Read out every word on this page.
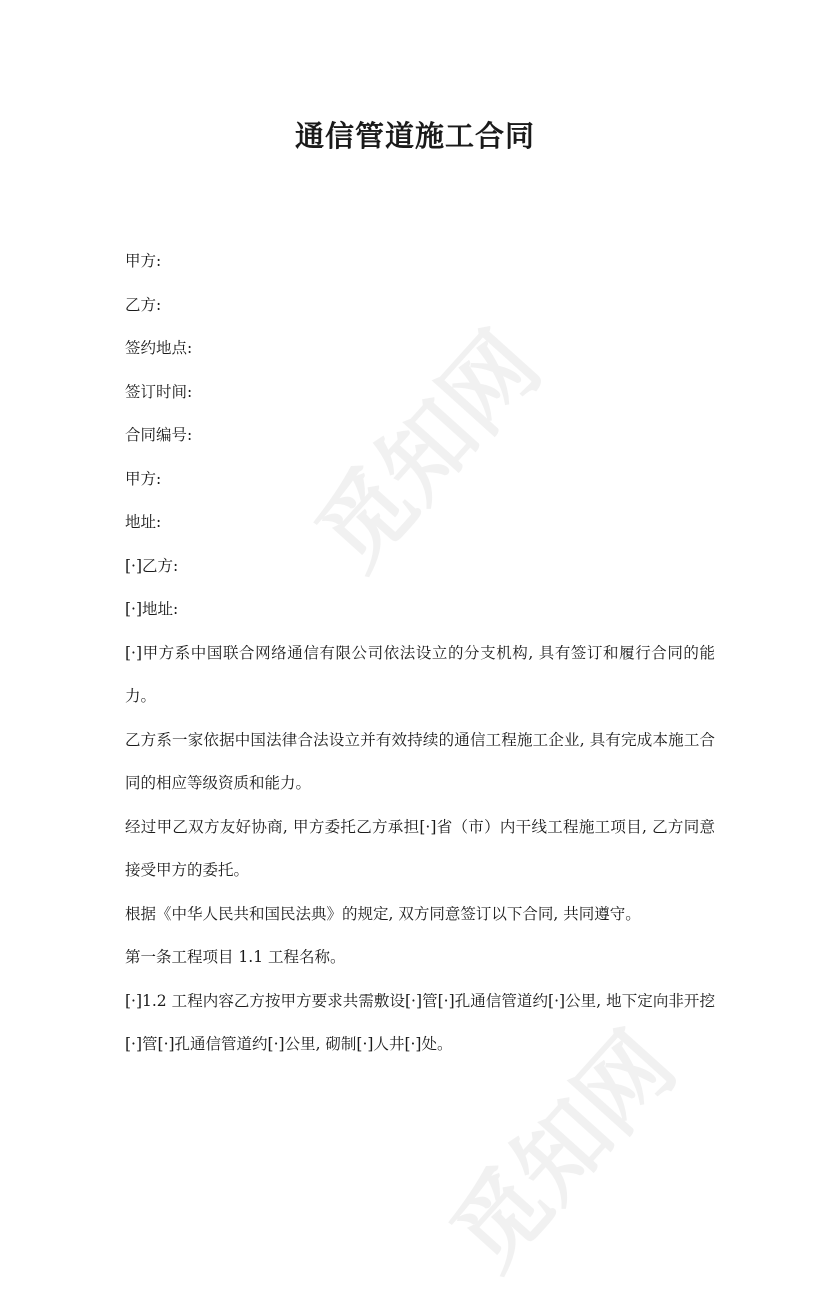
觅知网
觅知网
通信管道施工合同

甲方:

乙方:

签约地点:

签订时间:

合同编号:

甲方:

地址:

[·]乙方:

[·]地址:

[·]甲方系中国联合网络通信有限公司依法设立的分支机构, 具有签订和履行合同的能力。

乙方系一家依据中国法律合法设立并有效持续的通信工程施工企业, 具有完成本施工合同的相应等级资质和能力。

经过甲乙双方友好协商, 甲方委托乙方承担[·]省（市）内干线工程施工项目, 乙方同意接受甲方的委托。

根据《中华人民共和国民法典》的规定, 双方同意签订以下合同, 共同遵守。

第一条工程项目 1.1 工程名称。

[·]1.2 工程内容乙方按甲方要求共需敷设[·]管[·]孔通信管道约[·]公里, 地下定向非开挖[·]管[·]孔通信管道约[·]公里, 砌制[·]人井[·]处。
